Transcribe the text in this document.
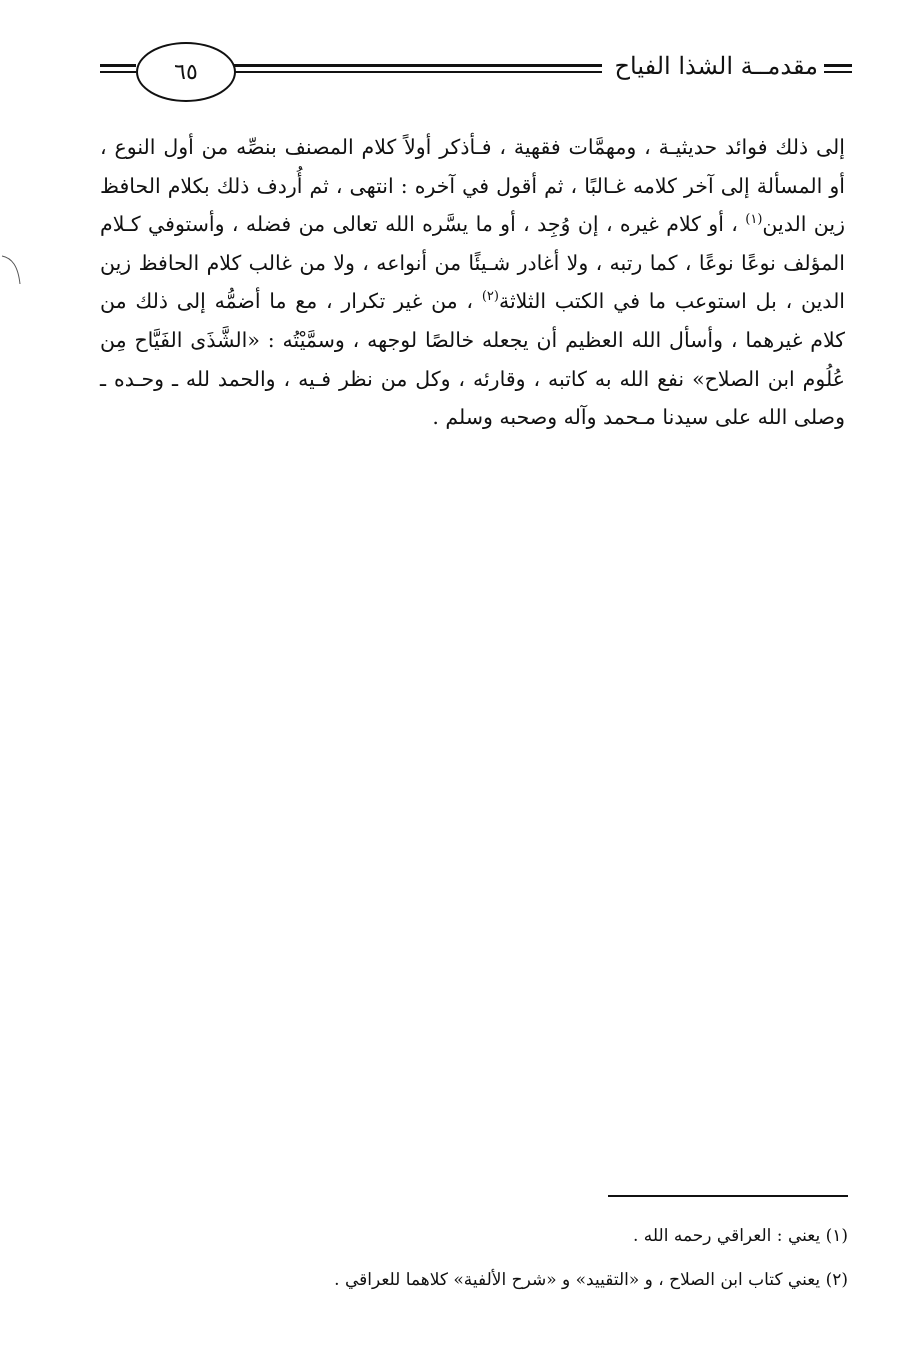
مقدمــة الشذا الفياح
٦٥

إلى ذلك فوائد حديثيـة ، ومهمَّات فقهية ، فـأذكر أولاً كلام المصنف بنصِّه من أول النوع ، أو المسألة إلى آخر كلامه غـالبًا ، ثم أقول في آخره : انتهى ، ثم أُردف ذلك بكلام الحافظ زين الدين$^{(١)}$ ، أو كلام غيره ، إن وُجِد ، أو ما يسَّره الله تعالى من فضله ، وأستوفي كـلام المؤلف نوعًا نوعًا ، كما رتبه ، ولا أغادر شـيئًا من أنواعه ، ولا من غالب كلام الحافظ زين الدين ، بل استوعب ما في الكتب الثلاثة$^{(٢)}$ ، من غير تكرار ، مع ما أضمُّه إلى ذلك من كلام غيرهما ، وأسأل الله العظيم أن يجعله خالصًا لوجهه ، وسمَّيْتُه : «الشَّذَى الفَيَّاح مِن عُلُوم ابن الصلاح» نفع الله به كاتبه ، وقارئه ، وكل من نظر فـيه ، والحمد لله ـ وحـده ـ وصلى الله على سيدنا مـحمد وآله وصحبه وسلم .

(١) يعني : العراقي رحمه الله .

(٢) يعني كتاب ابن الصلاح ، و «التقييد» و «شرح الألفية» كلاهما للعراقي .
